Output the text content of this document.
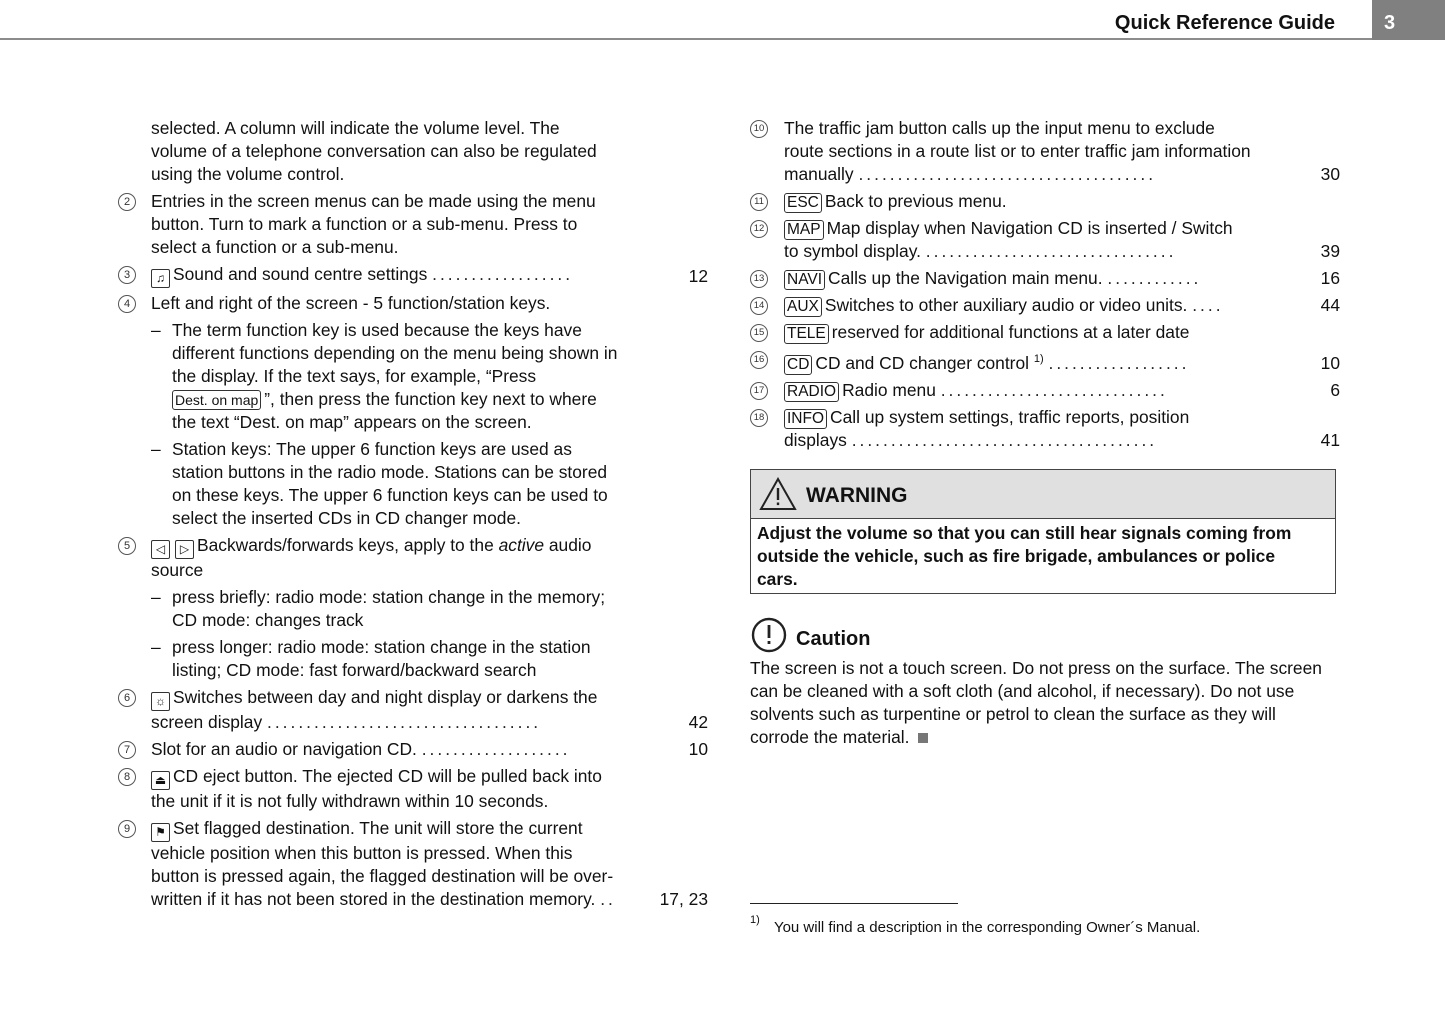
Quick Reference Guide 3
selected. A column will indicate the volume level. The
volume of a telephone conversation can also be regulated
using the volume control.
2	Entries in the screen menus can be made using the menu
button. Turn to mark a function or a sub-menu. Press to
select a function or a sub-menu.
3	♫ Sound and sound centre settings ..................	12
4	Left and right of the screen - 5 function/station keys.
– The term function key is used because the keys have
different functions depending on the menu being shown in
the display. If the text says, for example, “Press
Dest. on map ”, then press the function key next to where
the text “Dest. on map” appears on the screen.
– Station keys: The upper 6 function keys are used as
station buttons in the radio mode. Stations can be stored
on these keys. The upper 6 function keys can be used to
select the inserted CDs in CD changer mode.
5	◁ ▷ Backwards/forwards keys, apply to the active audio
source
– press briefly: radio mode: station change in the memory;
CD mode: changes track
– press longer: radio mode: station change in the station
listing; CD mode: fast forward/backward search
6	☼ Switches between day and night display or darkens the
screen display ...................................	42
7	Slot for an audio or navigation CD. ...................	10
8	⏏ CD eject button. The ejected CD will be pulled back into
the unit if it is not fully withdrawn within 10 seconds.
9	⚑ Set flagged destination. The unit will store the current
vehicle position when this button is pressed. When this
button is pressed again, the flagged destination will be over-
written if it has not been stored in the destination memory. ..	17, 23
10 The traffic jam button calls up the input menu to exclude
route sections in a route list or to enter traffic jam information
manually ......................................	30
11 ESC Back to previous menu.
12 MAP Map display when Navigation CD is inserted / Switch
to symbol display. ................................	39
13 NAVI Calls up the Navigation main menu. ............	16
14 AUX Switches to other auxiliary audio or video units. ....	44
15 TELE reserved for additional functions at a later date
16 CD CD and CD changer control $^{1)}$ ..................	10
17 RADIO Radio menu .............................	6
18 INFO Call up system settings, traffic reports, position
displays .......................................	41
WARNING
Adjust the volume so that you can still hear signals coming from
outside the vehicle, such as fire brigade, ambulances or police
cars.
Caution
The screen is not a touch screen. Do not press on the surface. The screen
can be cleaned with a soft cloth (and alcohol, if necessary). Do not use
solvents such as turpentine or petrol to clean the surface as they will
corrode the material.
$^{1)}$ You will find a description in the corresponding Owner´s Manual.
